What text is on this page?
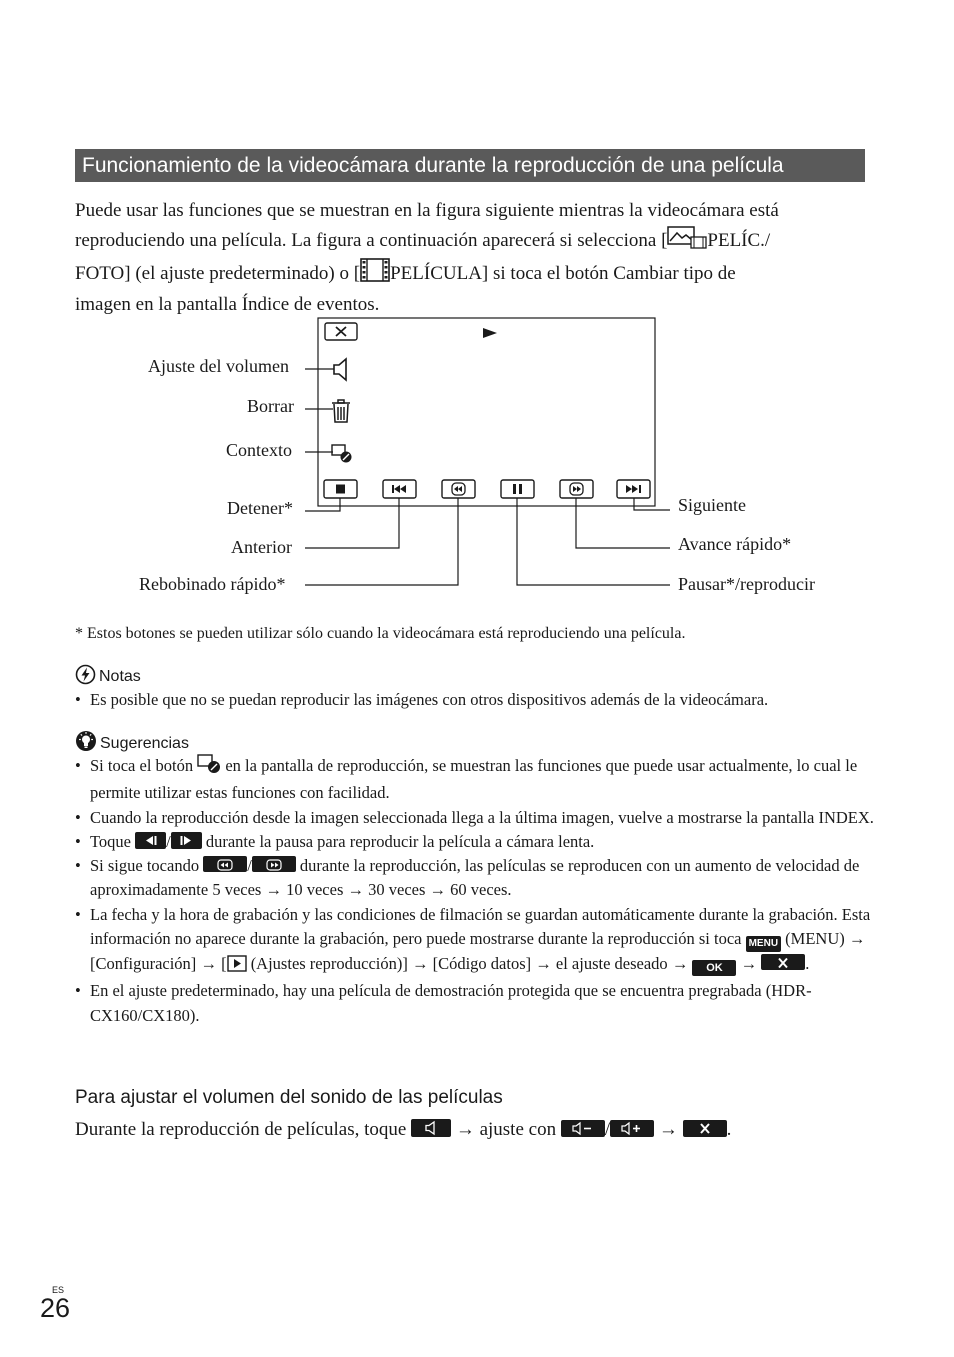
Funcionamiento de la videocámara durante la reproducción de una película
Puede usar las funciones que se muestran en la figura siguiente mientras la videocámara está
reproduciendo una película. La figura a continuación aparecerá si selecciona [ PELÍC./
FOTO] (el ajuste predeterminado) o [ PELÍCULA] si toca el botón Cambiar tipo de
imagen en la pantalla Índice de eventos.
Ajuste del volumen
Borrar
Contexto
Detener*
Anterior
Rebobinado rápido*
Siguiente
Avance rápido*
Pausar*/reproducir
* Estos botones se pueden utilizar sólo cuando la videocámara está reproduciendo una película.
Notas
• Es posible que no se puedan reproducir las imágenes con otros dispositivos además de la videocámara.
Sugerencias
• Si toca el botón en la pantalla de reproducción, se muestran las funciones que puede usar actualmente, lo cual le permite utilizar estas funciones con facilidad.
• Cuando la reproducción desde la imagen seleccionada llega a la última imagen, vuelve a mostrarse la pantalla INDEX.
• Toque / durante la pausa para reproducir la película a cámara lenta.
• Si sigue tocando	/	durante la reproducción, las películas se reproducen con un aumento de velocidad de aproximadamente 5 veces → 10 veces → 30 veces → 60 veces.
• La fecha y la hora de grabación y las condiciones de filmación se guardan automáticamente durante la grabación. Esta información no aparece durante la grabación, pero puede mostrarse durante la reproducción si toca MENU (MENU) → [Configuración] → [ (Ajustes reproducción)] → [Código datos] → el ajuste deseado → OK →	.
• En el ajuste predeterminado, hay una película de demostración protegida que se encuentra pregrabada (HDR-CX160/CX180).
Para ajustar el volumen del sonido de las películas
Durante la reproducción de películas, toque	→ ajuste con	/	→	.
ES
26
